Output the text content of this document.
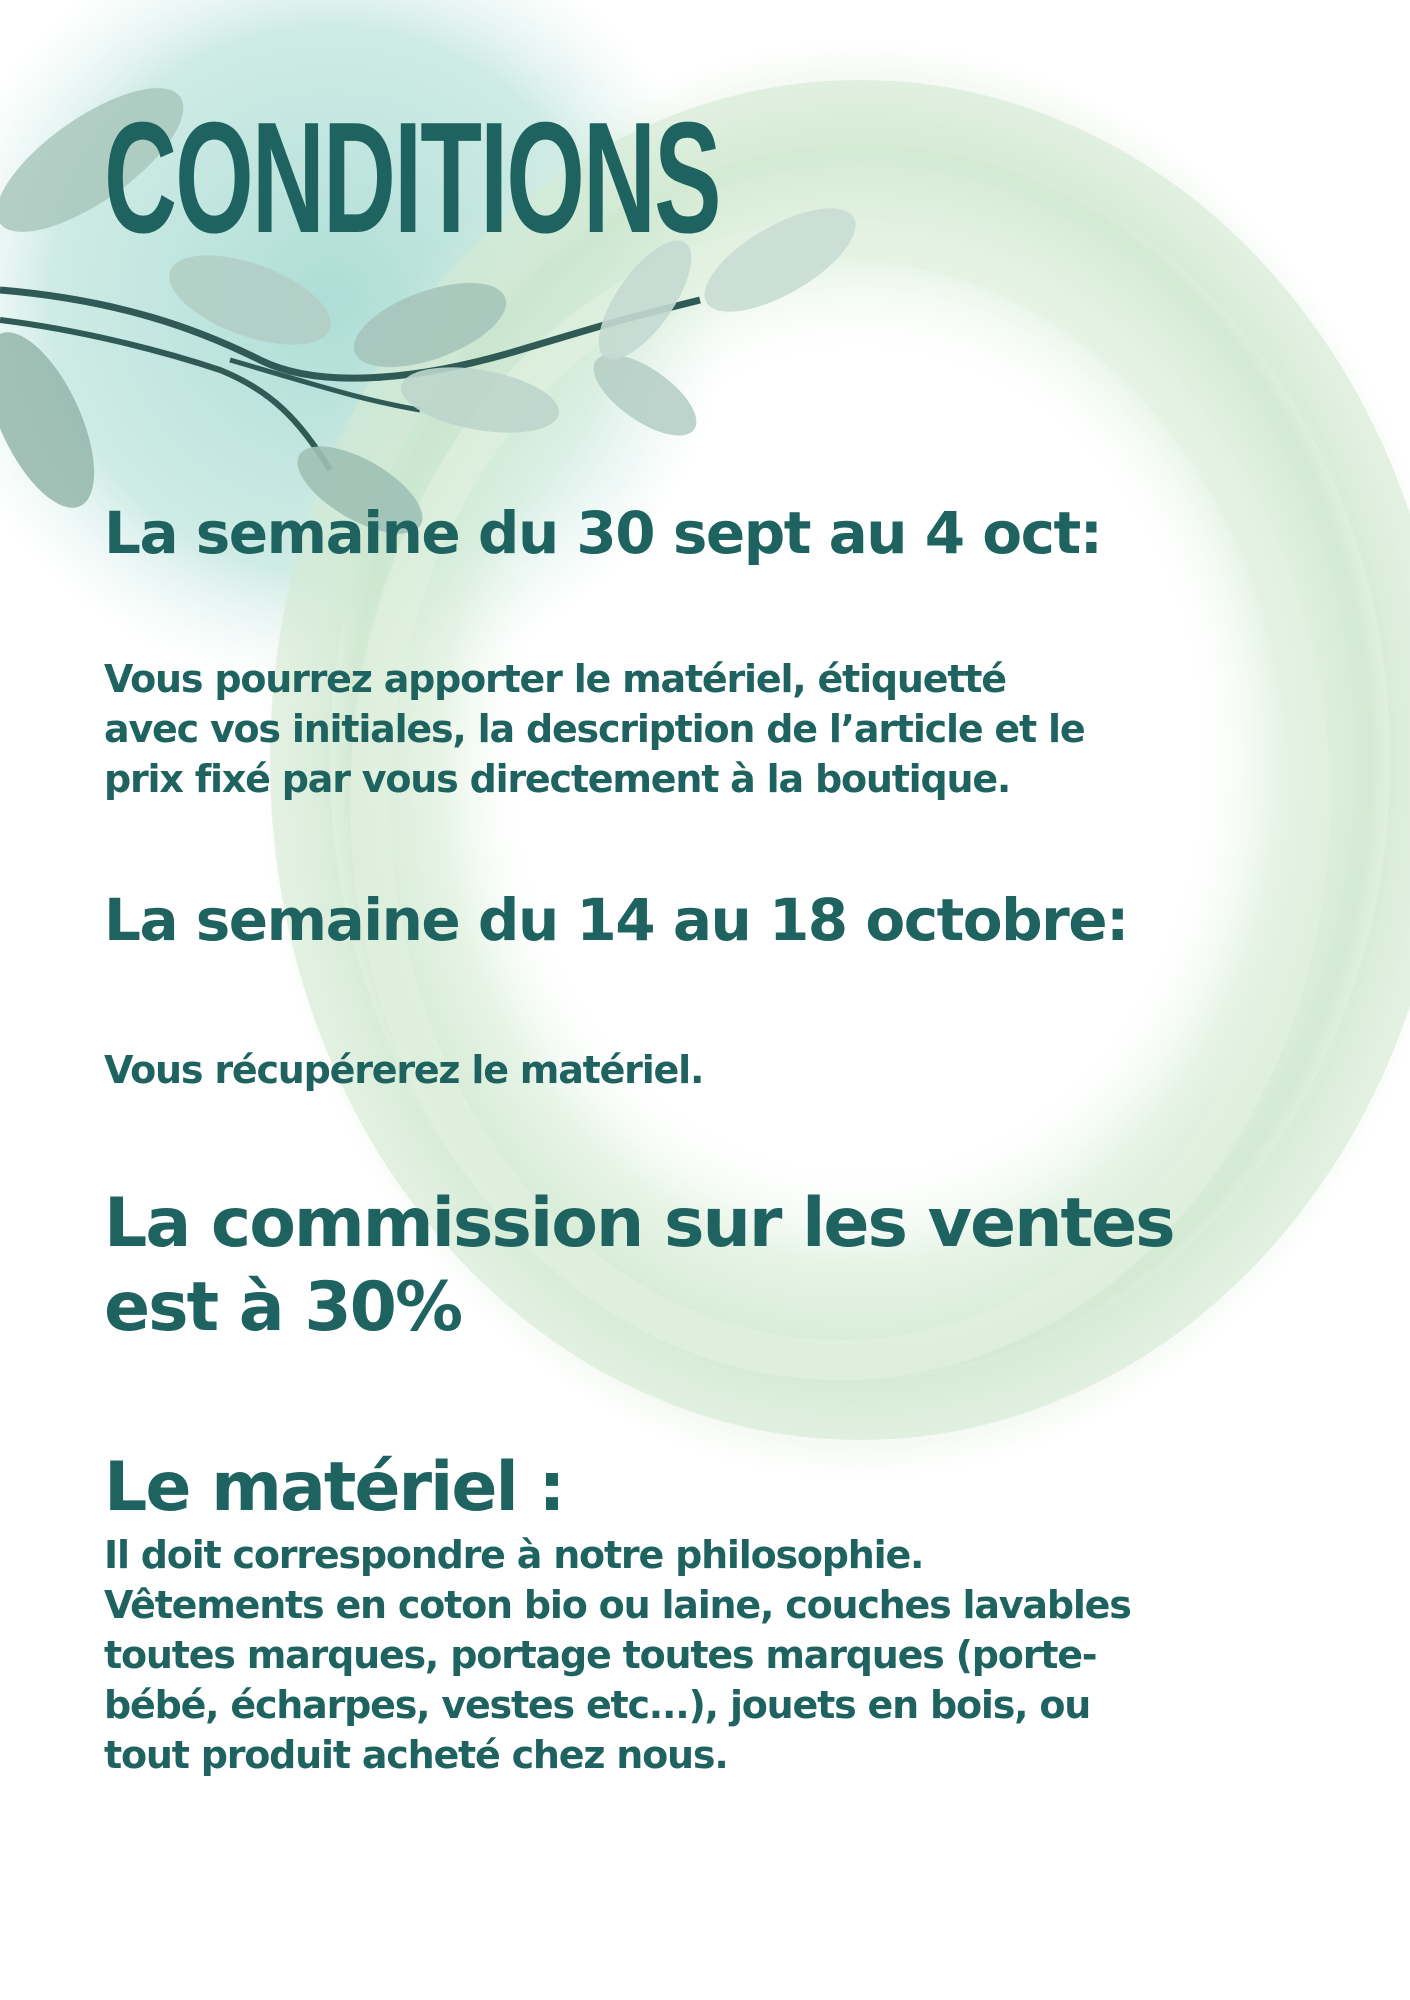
CONDITIONS
La semaine du 30 sept au 4 oct:
Vous pourrez apporter le matériel, étiquetté
avec vos initiales, la description de l’article et le
prix fixé par vous directement à la boutique.
La semaine du 14 au 18 octobre:
Vous récupérerez le matériel.
La commission sur les ventes
est à 30%
Le matériel :
Il doit correspondre à notre philosophie.
Vêtements en coton bio ou laine, couches lavables
toutes marques, portage toutes marques (porte-
bébé, écharpes, vestes etc...), jouets en bois, ou
tout produit acheté chez nous.
